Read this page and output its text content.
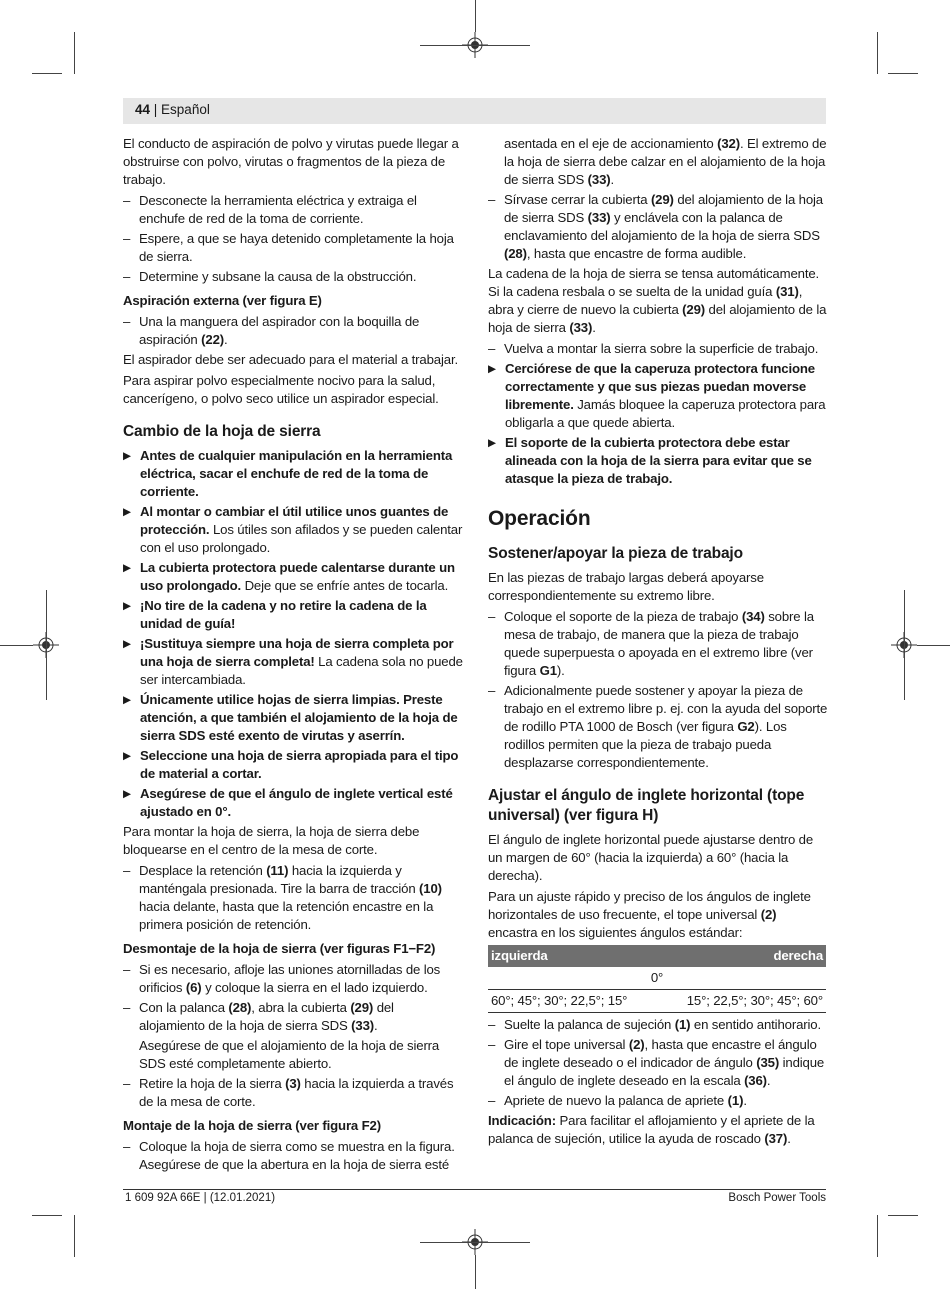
44 | Español

El conducto de aspiración de polvo y virutas puede llegar a obstruirse con polvo, virutas o fragmentos de la pieza de trabajo.

– Desconecte la herramienta eléctrica y extraiga el enchufe de red de la toma de corriente.
– Espere, a que se haya detenido completamente la hoja de sierra.
– Determine y subsane la causa de la obstrucción.
Aspiración externa (ver figura E)
– Una la manguera del aspirador con la boquilla de aspiración (22).

El aspirador debe ser adecuado para el material a trabajar.

Para aspirar polvo especialmente nocivo para la salud, cancerígeno, o polvo seco utilice un aspirador especial.

Cambio de la hoja de sierra
▶ Antes de cualquier manipulación en la herramienta eléctrica, sacar el enchufe de red de la toma de corriente.
▶ Al montar o cambiar el útil utilice unos guantes de protección. Los útiles son afilados y se pueden calentar con el uso prolongado.
▶ La cubierta protectora puede calentarse durante un uso prolongado. Deje que se enfríe antes de tocarla.
▶ ¡No tire de la cadena y no retire la cadena de la unidad de guía!
▶ ¡Sustituya siempre una hoja de sierra completa por una hoja de sierra completa! La cadena sola no puede ser intercambiada.
▶ Únicamente utilice hojas de sierra limpias. Preste atención, a que también el alojamiento de la hoja de sierra SDS esté exento de virutas y aserrín.
▶ Seleccione una hoja de sierra apropiada para el tipo de material a cortar.
▶ Asegúrese de que el ángulo de inglete vertical esté ajustado en 0°.

Para montar la hoja de sierra, la hoja de sierra debe bloquearse en el centro de la mesa de corte.

– Desplace la retención (11) hacia la izquierda y manténgala presionada. Tire la barra de tracción (10) hacia delante, hasta que la retención encastre en la primera posición de retención.
Desmontaje de la hoja de sierra (ver figuras F1−F2)
– Si es necesario, afloje las uniones atornilladas de los orificios (6) y coloque la sierra en el lado izquierdo.
– Con la palanca (28), abra la cubierta (29) del alojamiento de la hoja de sierra SDS (33).
Asegúrese de que el alojamiento de la hoja de sierra SDS esté completamente abierto.
– Retire la hoja de la sierra (3) hacia la izquierda a través de la mesa de corte.
Montaje de la hoja de sierra (ver figura F2)
– Coloque la hoja de sierra como se muestra en la figura.
Asegúrese de que la abertura en la hoja de sierra esté
asentada en el eje de accionamiento (32). El extremo de la hoja de sierra debe calzar en el alojamiento de la hoja de sierra SDS (33).
– Sírvase cerrar la cubierta (29) del alojamiento de la hoja de sierra SDS (33) y enclávela con la palanca de enclavamiento del alojamiento de la hoja de sierra SDS (28), hasta que encastre de forma audible.

La cadena de la hoja de sierra se tensa automáticamente.

Si la cadena resbala o se suelta de la unidad guía (31), abra y cierre de nuevo la cubierta (29) del alojamiento de la hoja de sierra (33).

– Vuelva a montar la sierra sobre la superficie de trabajo.
▶ Cerciórese de que la caperuza protectora funcione correctamente y que sus piezas puedan moverse libremente. Jamás bloquee la caperuza protectora para obligarla a que quede abierta.
▶ El soporte de la cubierta protectora debe estar alineada con la hoja de la sierra para evitar que se atasque la pieza de trabajo.
Operación
Sostener/apoyar la pieza de trabajo

En las piezas de trabajo largas deberá apoyarse correspondientemente su extremo libre.

– Coloque el soporte de la pieza de trabajo (34) sobre la mesa de trabajo, de manera que la pieza de trabajo quede superpuesta o apoyada en el extremo libre (ver figura G1).
– Adicionalmente puede sostener y apoyar la pieza de trabajo en el extremo libre p. ej. con la ayuda del soporte de rodillo PTA 1000 de Bosch (ver figura G2). Los rodillos permiten que la pieza de trabajo pueda desplazarse correspondientemente.
Ajustar el ángulo de inglete horizontal (tope universal) (ver figura H)

El ángulo de inglete horizontal puede ajustarse dentro de un margen de 60° (hacia la izquierda) a 60° (hacia la derecha).

Para un ajuste rápido y preciso de los ángulos de inglete horizontales de uso frecuente, el tope universal (2) encastra en los siguientes ángulos estándar:

izquierda	derecha
0°	
60°; 45°; 30°; 22,5°; 15°	15°; 22,5°; 30°; 45°; 60°
– Suelte la palanca de sujeción (1) en sentido antihorario.
– Gire el tope universal (2), hasta que encastre el ángulo de inglete deseado o el indicador de ángulo (35) indique el ángulo de inglete deseado en la escala (36).
– Apriete de nuevo la palanca de apriete (1).

Indicación: Para facilitar el aflojamiento y el apriete de la palanca de sujeción, utilice la ayuda de roscado (37).

1 609 92A 66E | (12.01.2021)	Bosch Power Tools
